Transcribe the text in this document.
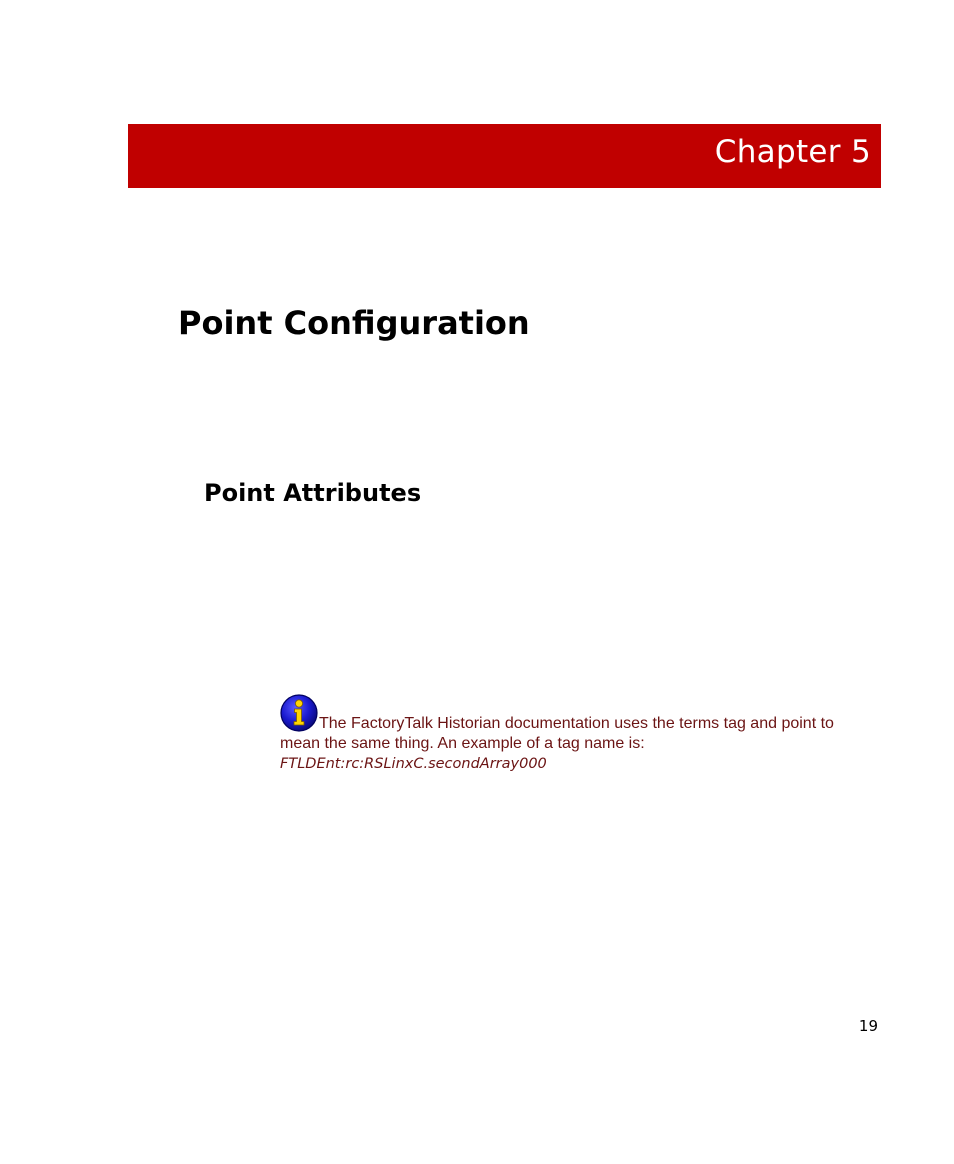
Chapter 5
Point Configuration
Point Attributes
The FactoryTalk Historian documentation uses the terms tag and point to mean the same thing. An example of a tag name is:
FTLDEnt:rc:RSLinxC.secondArray000
19
